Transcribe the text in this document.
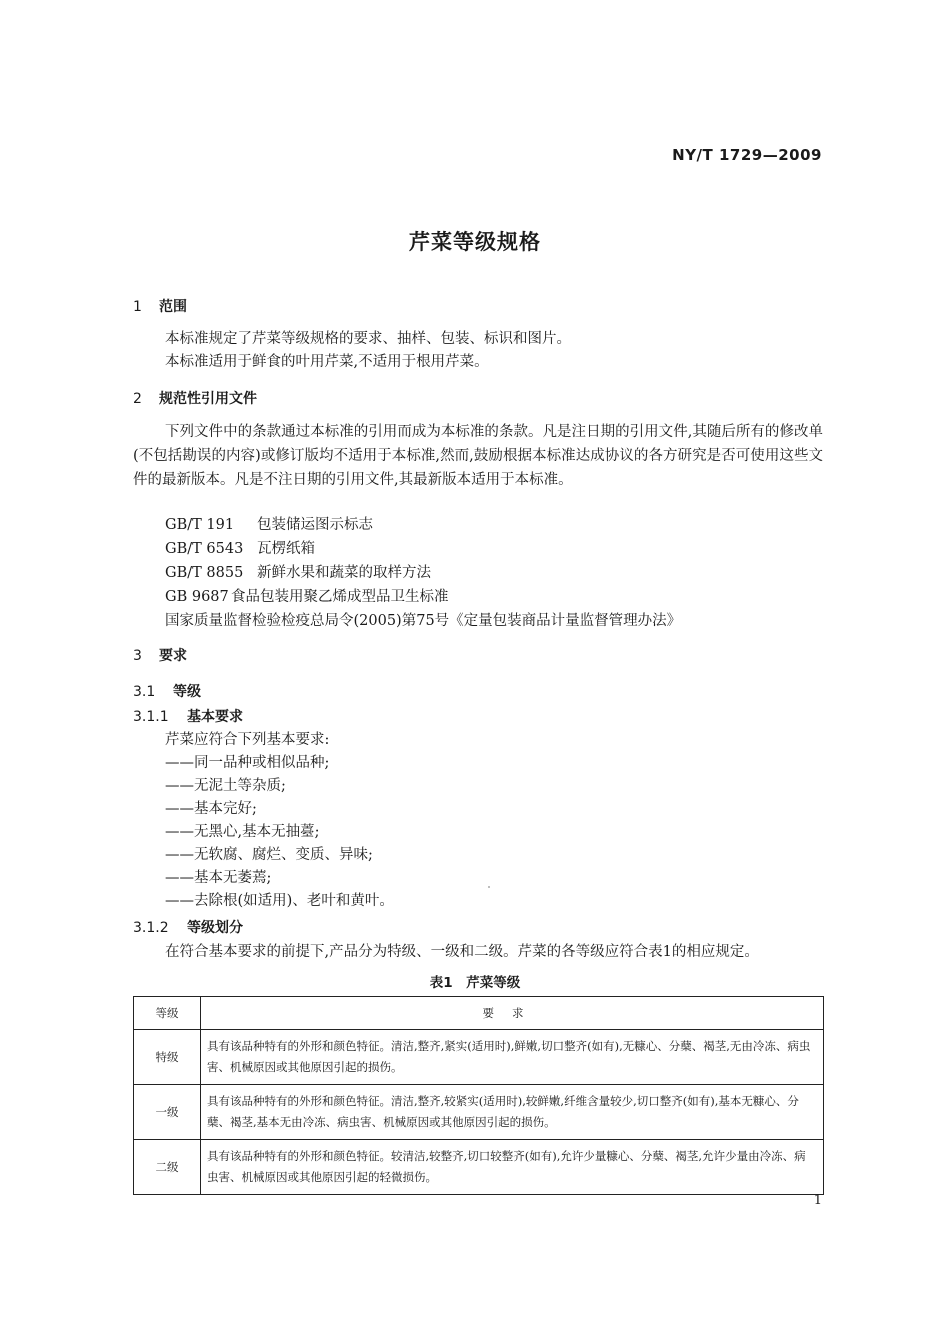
NY/T 1729—2009
芹菜等级规格
1 范围
本标准规定了芹菜等级规格的要求、抽样、包装、标识和图片。
本标准适用于鲜食的叶用芹菜,不适用于根用芹菜。
2 规范性引用文件
下列文件中的条款通过本标准的引用而成为本标准的条款。凡是注日期的引用文件,其随后所有的修改单(不包括勘误的内容)或修订版均不适用于本标准,然而,鼓励根据本标准达成协议的各方研究是否可使用这些文件的最新版本。凡是不注日期的引用文件,其最新版本适用于本标准。
GB/T 191 包装储运图示标志
GB/T 6543 瓦楞纸箱
GB/T 8855 新鲜水果和蔬菜的取样方法
GB 9687 食品包装用聚乙烯成型品卫生标准
国家质量监督检验检疫总局令(2005)第75号《定量包装商品计量监督管理办法》
3 要求
3.1 等级
3.1.1 基本要求
芹菜应符合下列基本要求:
——同一品种或相似品种;
——无泥土等杂质;
——基本完好;
——无黑心,基本无抽薹;
——无软腐、腐烂、变质、异味;
——基本无萎蔫;
——去除根(如适用)、老叶和黄叶。
3.1.2 等级划分
在符合基本要求的前提下,产品分为特级、一级和二级。芹菜的各等级应符合表1的相应规定。
表1　芹菜等级
等级	要求
特级	具有该品种特有的外形和颜色特征。清洁,整齐,紧实(适用时),鲜嫩,切口整齐(如有),无糠心、分蘖、褐茎,无由冷冻、病虫害、机械原因或其他原因引起的损伤。
一级	具有该品种特有的外形和颜色特征。清洁,整齐,较紧实(适用时),较鲜嫩,纤维含量较少,切口整齐(如有),基本无糠心、分蘖、褐茎,基本无由冷冻、病虫害、机械原因或其他原因引起的损伤。
二级	具有该品种特有的外形和颜色特征。较清洁,较整齐,切口较整齐(如有),允许少量糠心、分蘖、褐茎,允许少量由冷冻、病虫害、机械原因或其他原因引起的轻微损伤。
1
